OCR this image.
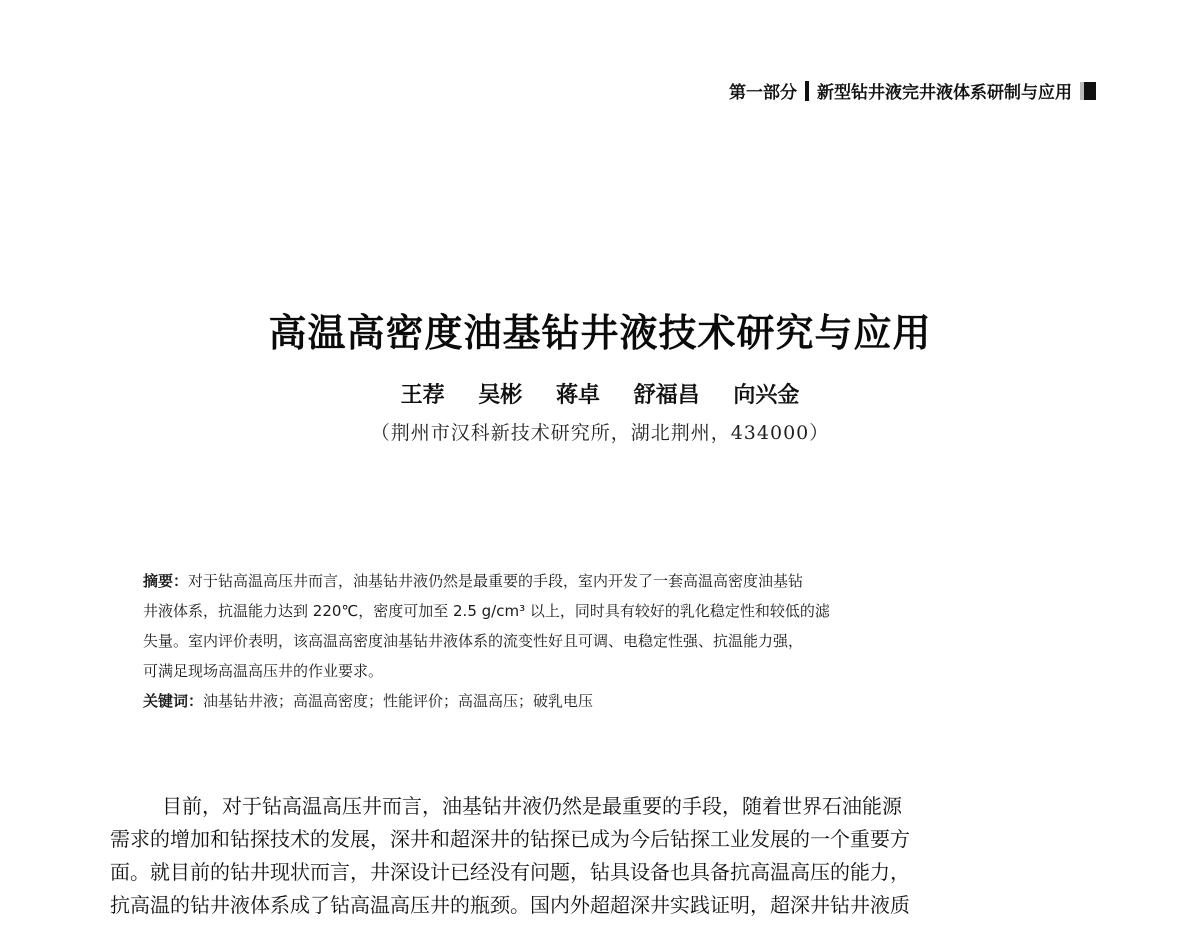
第一部分 新型钻井液完井液体系研制与应用
高温高密度油基钻井液技术研究与应用
王荐 吴彬 蒋卓 舒福昌 向兴金
（荆州市汉科新技术研究所，湖北荆州，434000）

摘要：对于钻高温高压井而言，油基钻井液仍然是最重要的手段，室内开发了一套高温高密度油基钻
井液体系，抗温能力达到 220℃，密度可加至 2.5 g/cm³ 以上，同时具有较好的乳化稳定性和较低的滤
失量。室内评价表明，该高温高密度油基钻井液体系的流变性好且可调、电稳定性强、抗温能力强，
可满足现场高温高压井的作业要求。

关键词：油基钻井液；高温高密度；性能评价；高温高压；破乳电压

目前，对于钻高温高压井而言，油基钻井液仍然是最重要的手段，随着世界石油能源
需求的增加和钻探技术的发展，深井和超深井的钻探已成为今后钻探工业发展的一个重要方
面。就目前的钻井现状而言，井深设计已经没有问题，钻具设备也具备抗高温高压的能力，
抗高温的钻井液体系成了钻高温高压井的瓶颈。国内外超超深井实践证明，超深井钻井液质
